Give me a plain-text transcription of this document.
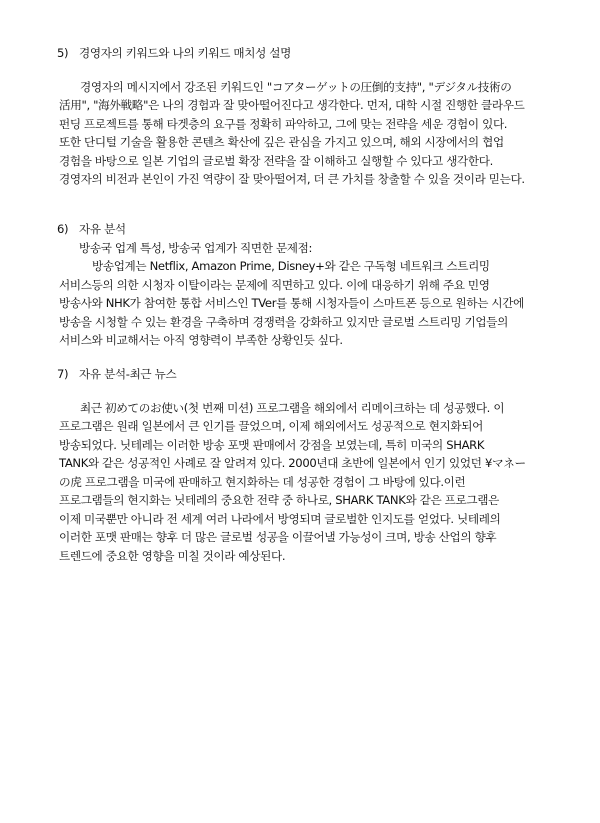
5) 경영자의 키워드와 나의 키워드 매치성 설명
경영자의 메시지에서 강조된 키워드인 "コアターゲットの圧倒的支持", "デジタル技術の
活用", "海外戦略"은 나의 경험과 잘 맞아떨어진다고 생각한다. 먼저, 대학 시절 진행한 클라우드
펀딩 프로젝트를 통해 타겟층의 요구를 정확히 파악하고, 그에 맞는 전략을 세운 경험이 있다.
또한 단디털 기술을 활용한 콘텐츠 확산에 깊은 관심을 가지고 있으며, 해외 시장에서의 협업
경험을 바탕으로 일본 기업의 글로벌 확장 전략을 잘 이해하고 실행할 수 있다고 생각한다.
경영자의 비전과 본인이 가진 역량이 잘 맞아떨어져, 더 큰 가치를 창출할 수 있을 것이라 믿는다.
6) 자유 분석
방송국 업계 특성, 방송국 업계가 직면한 문제점:
방송업계는 Netflix, Amazon Prime, Disney+와 같은 구독형 네트워크 스트리밍
서비스등의 의한 시청자 이탈이라는 문제에 직면하고 있다. 이에 대응하기 위해 주요 민영
방송사와 NHK가 참여한 통합 서비스인 TVer를 통해 시청자들이 스마트폰 등으로 원하는 시간에
방송을 시청할 수 있는 환경을 구축하며 경쟁력을 강화하고 있지만 글로벌 스트리밍 기업들의
서비스와 비교해서는 아직 영향력이 부족한 상황인듯 싶다.
7) 자유 분석-최근 뉴스
최근 初めてのお使い(첫 번째 미션) 프로그램을 해외에서 리메이크하는 데 성공했다. 이
프로그램은 원래 일본에서 큰 인기를 끌었으며, 이제 해외에서도 성공적으로 현지화되어
방송되었다. 닛테레는 이러한 방송 포맷 판매에서 강점을 보였는데, 특히 미국의 SHARK
TANK와 같은 성공적인 사례로 잘 알려져 있다. 2000년대 초반에 일본에서 인기 있었던 ¥マネー
の虎 프로그램을 미국에 판매하고 현지화하는 데 성공한 경험이 그 바탕에 있다.이런
프로그램들의 현지화는 닛테레의 중요한 전략 중 하나로, SHARK TANK와 같은 프로그램은
이제 미국뿐만 아니라 전 세계 여러 나라에서 방영되며 글로벌한 인지도를 얻었다. 닛테레의
이러한 포맷 판매는 향후 더 많은 글로벌 성공을 이끌어낼 가능성이 크며, 방송 산업의 향후
트렌드에 중요한 영향을 미칠 것이라 예상된다.
